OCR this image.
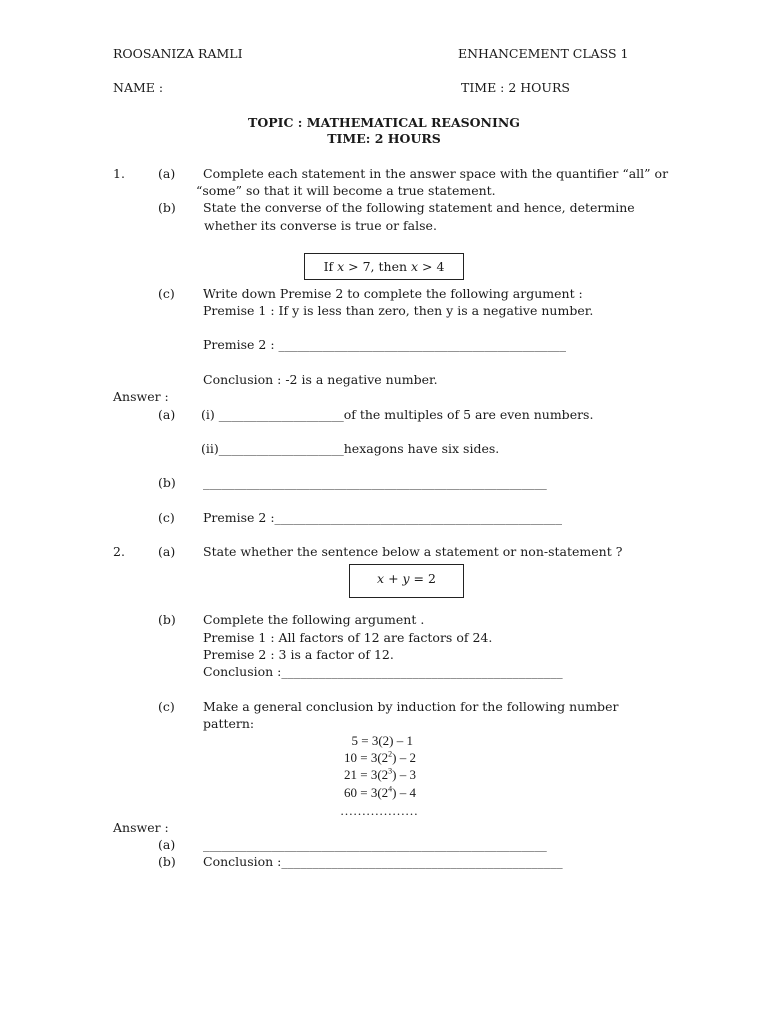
ROOSANIZA RAMLI	ENHANCEMENT CLASS 1
NAME :	TIME : 2 HOURS
TOPIC : MATHEMATICAL REASONING
TIME: 2 HOURS
1.	(a) Complete each statement in the answer space with the quantifier “all” or
“some” so that it will become a true statement.
(b) State the converse of the following statement and hence, determine
whether its converse is true or false.
If x > 7, then x > 4
(c) Write down Premise 2 to complete the following argument :
Premise 1 : If y is less than zero, then y is a negative number.
Premise 2 : ______________________________________________
Conclusion : -2 is a negative number.
Answer :
(a) (i) ____________________of the multiples of 5 are even numbers.
(ii)____________________hexagons have six sides.
(b) _______________________________________________________
(c) Premise 2 :______________________________________________
2.	(a) State whether the sentence below a statement or non-statement ?
x + y = 2
(b) Complete the following argument .
Premise 1 : All factors of 12 are factors of 24.
Premise 2 : 3 is a factor of 12.
Conclusion :_____________________________________________
(c) Make a general conclusion by induction for the following number
pattern:
5 = 3(2) – 1
$10 = 3(2^2) - 2$
$21 = 3(2^3) - 3$
$60 = 3(2^4) - 4$
………………
Answer :
(a) _______________________________________________________
(b) Conclusion :_____________________________________________
